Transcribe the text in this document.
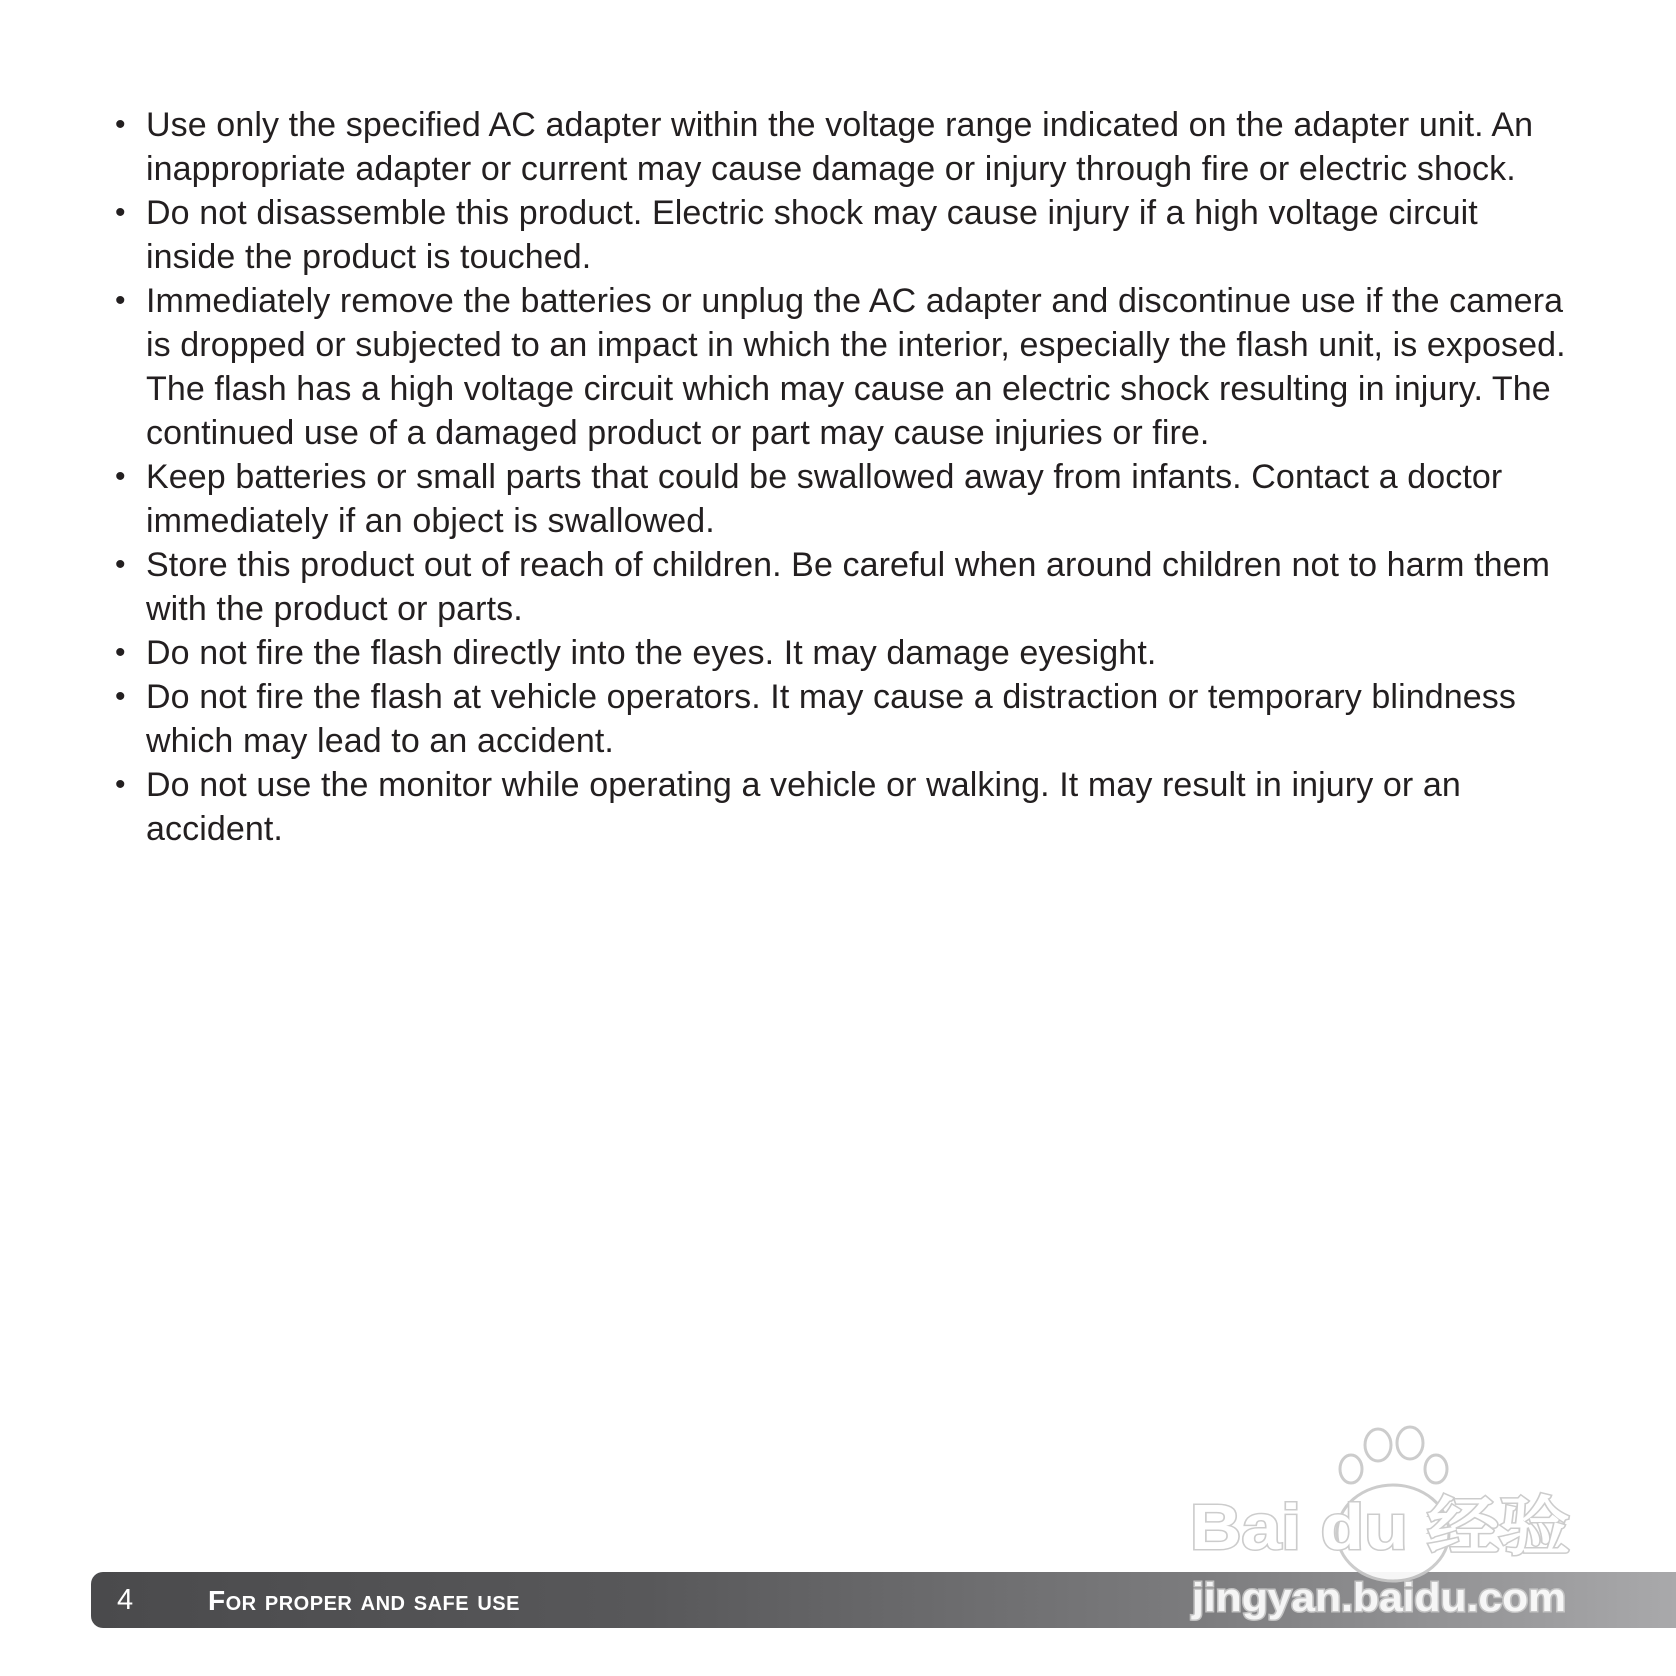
• Use only the specified AC adapter within the voltage range indicated on the adapter unit. An inappropriate adapter or current may cause damage or injury through fire or electric shock.
• Do not disassemble this product. Electric shock may cause injury if a high voltage circuit inside the product is touched.
• Immediately remove the batteries or unplug the AC adapter and discontinue use if the camera is dropped or subjected to an impact in which the interior, especially the flash unit, is exposed. The flash has a high voltage circuit which may cause an electric shock resulting in injury. The continued use of a damaged product or part may cause injuries or fire.
• Keep batteries or small parts that could be swallowed away from infants. Contact a doctor immediately if an object is swallowed.
• Store this product out of reach of children. Be careful when around children not to harm them with the product or parts.
• Do not fire the flash directly into the eyes. It may damage eyesight.
• Do not fire the flash at vehicle operators. It may cause a distraction or temporary blindness which may lead to an accident.
• Do not use the monitor while operating a vehicle or walking. It may result in injury or an accident.
4	For proper and safe use
Bai du 经验
jingyan.baidu.com
